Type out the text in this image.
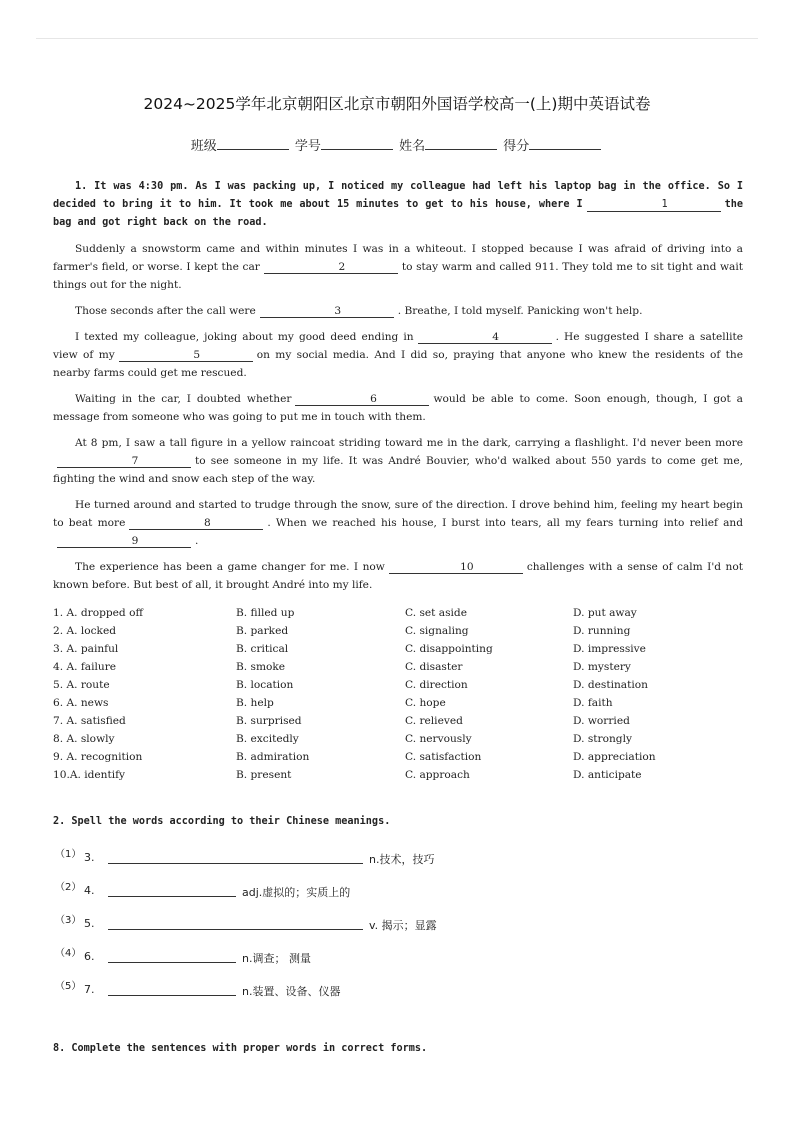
2024~2025学年北京朝阳区北京市朝阳外国语学校高一(上)期中英语试卷
班级	学号	姓名	得分

1. It was 4:30 pm. As I was packing up, I noticed my colleague had left his laptop bag in the office. So I decided to bring it to him. It took me about 15 minutes to get to his house, where I	1	the bag and got right back on the road.

Suddenly a snowstorm came and within minutes I was in a whiteout. I stopped because I was afraid of driving into a farmer's field, or worse. I kept the car	2	to stay warm and called 911. They told me to sit tight and wait things out for the night.

Those seconds after the call were	3	. Breathe, I told myself. Panicking won't help.

I texted my colleague, joking about my good deed ending in	4	. He suggested I share a satellite view of my	5	on my social media. And I did so, praying that anyone who knew the residents of the nearby farms could get me rescued.

Waiting in the car, I doubted whether	6	would be able to come. Soon enough, though, I got a message from someone who was going to put me in touch with them.

At 8 pm, I saw a tall figure in a yellow raincoat striding toward me in the dark, carrying a flashlight. I'd never been more7	to see someone in my life. It was André Bouvier, who'd walked about 550 yards to come get me, fighting the wind and snow each step of the way.

He turned around and started to trudge through the snow, sure of the direction. I drove behind him, feeling my heart begin to beat more	8	. When we reached his house, I burst into tears, all my fears turning into relief and9	.

The experience has been a game changer for me. I now	10	challenges with a sense of calm I'd not known before. But best of all, it brought André into my life.

1. A. dropped off	B. filled up	C. set aside	D. put away
2. A. locked	B. parked	C. signaling	D. running
3. A. painful	B. critical	C. disappointing	D. impressive
4. A. failure	B. smoke	C. disaster	D. mystery
5. A. route	B. location	C. direction	D. destination
6. A. news	B. help	C. hope	D. faith
7. A. satisfied	B. surprised	C. relieved	D. worried
8. A. slowly	B. excitedly	C. nervously	D. strongly
9. A. recognition	B. admiration	C. satisfaction	D. appreciation
10.A. identify	B. present	C. approach	D. anticipate
2. Spell the words according to their Chinese meanings.
（1） 3.	n.技术，技巧
（2） 4.	adj.虚拟的；实质上的
（3） 5.	v. 揭示；显露
（4） 6.	n.调查； 测量
（5） 7.	n.装置、设备、仪器
8. Complete the sentences with proper words in correct forms.
